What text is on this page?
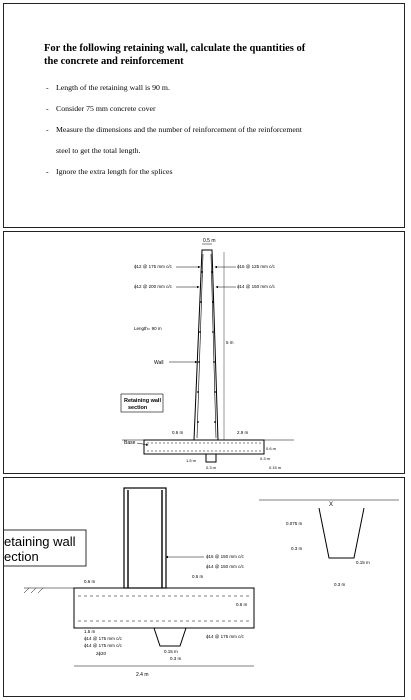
For the following retaining wall, calculate the quantities of
the concrete and reinforcement
- Length of the retaining wall is 90 m.
- Consider 75 mm concrete cover
- Measure the dimensions and the number of reinforcement of the reinforcement
steel to get the total length.
- Ignore the extra length for the splices
0.5 m
ϕ12 @ 175 mm c/c
ϕ12 @ 200 mm c/c
ϕ16 @ 125 mm c/c
ϕ14 @ 150 mm c/c
Length= 90 m
Wall
5 m
Retaining wall
section
Base
0.6 m	2.9 m
0.6 m
0.3 m
0.3 m	0.15 m
1.5 m
etaining wall
ection
0.6 m
ϕ16 @ 150 mm c/c
ϕ14 @ 150 mm c/c
0.5 m
0.6 m
ϕ14 @ 175 mm c/c
1.5 m
ϕ14 @ 175 mm c/c
ϕ14 @ 175 mm c/c
2ϕ20	0.15 m
0.3 m
2.4 m
X
0.075 m
0.3 m
0.15 m
0.3 m
